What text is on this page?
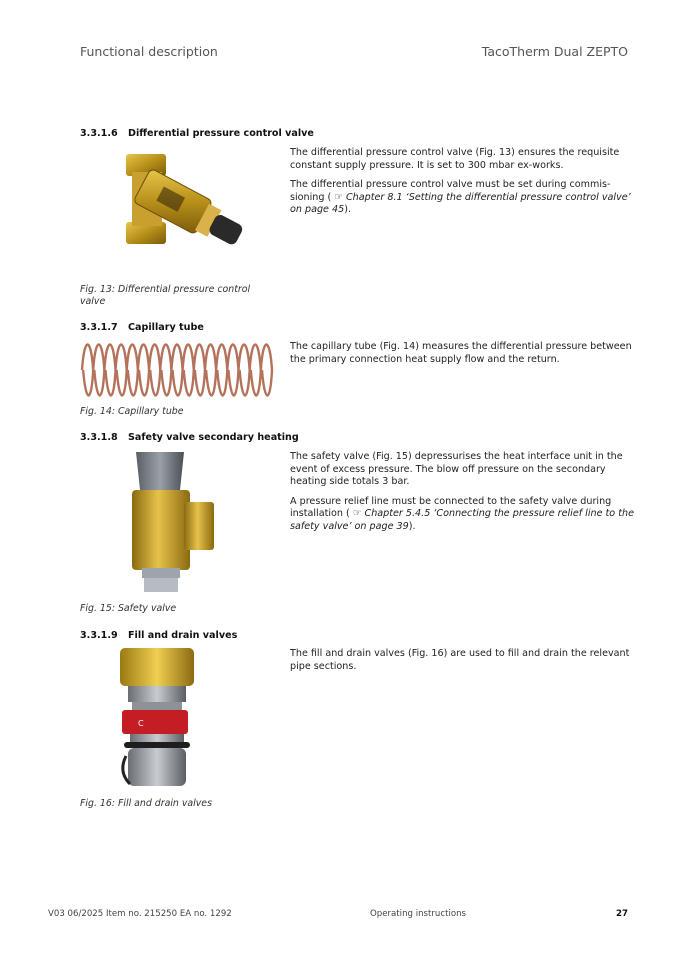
Functional description	TacoTherm Dual ZEPTO
3.3.1.6 Differential pressure control valve

The differential pressure control valve (Fig. 13) ensures the requisite constant supply pressure. It is set to 300 mbar ex-works.

The differential pressure control valve must be set during commissioning ( ☞ Chapter 8.1 ‘Setting the differential pressure control valve’ on page 45).

Fig. 13: Differential pressure control valve
3.3.1.7 Capillary tube

The capillary tube (Fig. 14) measures the differential pressure between the primary connection heat supply flow and the return.

Fig. 14: Capillary tube
3.3.1.8 Safety valve secondary heating

The safety valve (Fig. 15) depressurises the heat interface unit in the event of excess pressure. The blow off pressure on the secondary heating side totals 3 bar.

A pressure relief line must be connected to the safety valve during installation ( ☞ Chapter 5.4.5 ‘Connecting the pressure relief line to the safety valve’ on page 39).

Fig. 15: Safety valve
3.3.1.9 Fill and drain valves
C

The fill and drain valves (Fig. 16) are used to fill and drain the relevant pipe sections.

Fig. 16: Fill and drain valves
V03 06/2025 Item no. 215250 EA no. 1292	Operating instructions	27
